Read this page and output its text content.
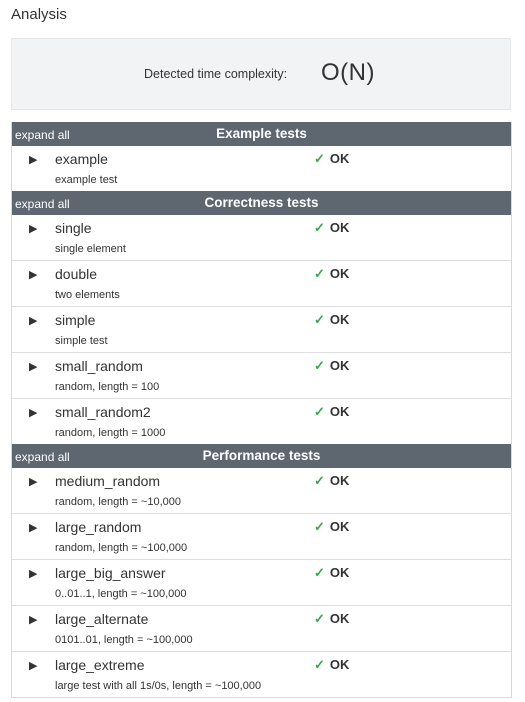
Analysis
Detected time complexity: O(N)
expand all	Example tests
▶ example
example test
✓ OK
expand all	Correctness tests
▶ single
single element
✓ OK
▶ double
two elements
✓ OK
▶ simple
simple test
✓ OK
▶ small_random
random, length = 100
✓ OK
▶ small_random2
random, length = 1000
✓ OK
expand all	Performance tests
▶ medium_random
random, length = ~10,000
✓ OK
▶ large_random
random, length = ~100,000
✓ OK
▶ large_big_answer
0..01..1, length = ~100,000
✓ OK
▶ large_alternate
0101..01, length = ~100,000
✓ OK
▶ large_extreme
large test with all 1s/0s, length = ~100,000
✓ OK
